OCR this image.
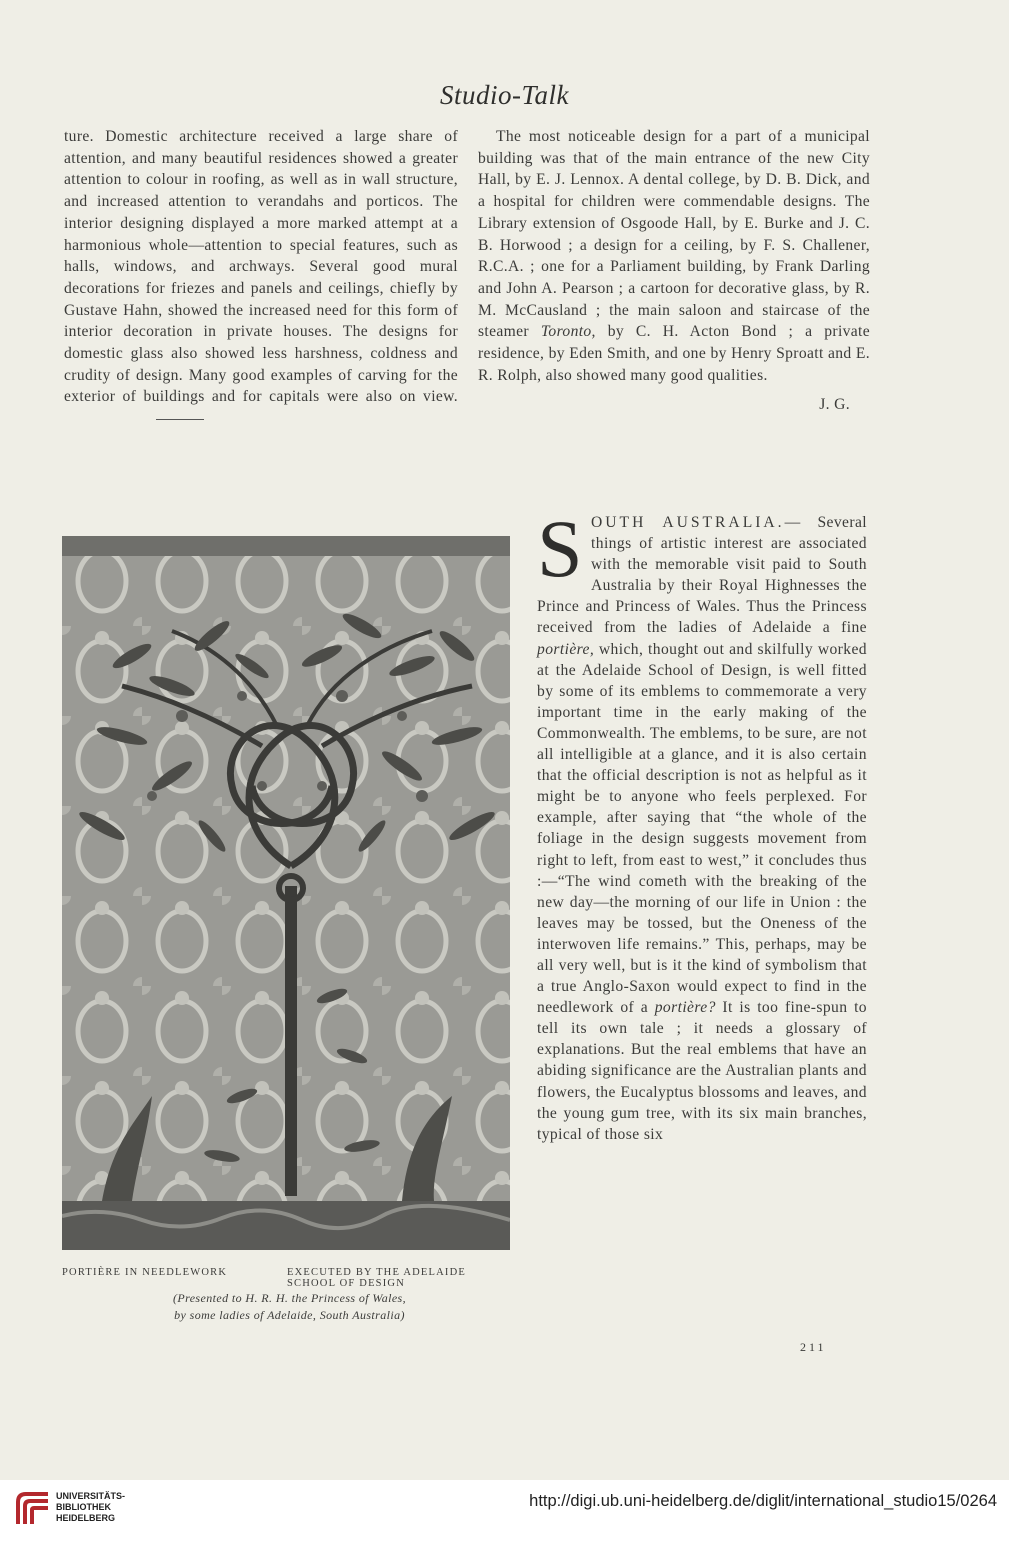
Studio-Talk

ture. Domestic architecture received a large share of attention, and many beautiful residences showed a greater attention to colour in roofing, as well as in wall structure, and increased attention to verandahs and porticos. The interior designing displayed a more marked attempt at a harmonious whole—attention to special features, such as halls, windows, and archways. Several good mural decorations for friezes and panels and ceilings, chiefly by Gustave Hahn, showed the increased need for this form of interior decoration in private houses. The designs for domestic glass also showed less harshness, coldness and crudity of design. Many good examples of carving for the exterior of buildings and for capitals were also on view.

The most noticeable design for a part of a municipal building was that of the main entrance of the new City Hall, by E. J. Lennox. A dental college, by D. B. Dick, and a hospital for children were commendable designs. The Library extension of Osgoode Hall, by E. Burke and J. C. B. Horwood ; a design for a ceiling, by F. S. Challener, R.C.A. ; one for a Parliament building, by Frank Darling and John A. Pearson ; a cartoon for decorative glass, by R. M. McCausland ; the main saloon and staircase of the steamer Toronto, by C. H. Acton Bond ; a private residence, by Eden Smith, and one by Henry Sproatt and E. R. Rolph, also showed many good qualities.

J. G.

PORTIÈRE IN NEEDLEWORK	EXECUTED BY THE ADELAIDE SCHOOL OF DESIGN
(Presented to H. R. H. the Princess of Wales,
by some ladies of Adelaide, South Australia)
S OUTH AUSTRALIA.— Several things of artistic interest are associated with the memorable visit paid to South Australia by their Royal Highnesses the Prince and Princess of Wales. Thus the Princess received from the ladies of Adelaide a fine portière, which, thought out and skilfully worked at the Adelaide School of Design, is well fitted by some of its emblems to commemorate a very important time in the early making of the Commonwealth. The emblems, to be sure, are not all intelligible at a glance, and it is also certain that the official description is not as helpful as it might be to anyone who feels perplexed. For example, after saying that “the whole of the foliage in the design suggests movement from right to left, from east to west,” it concludes thus :—“The wind cometh with the breaking of the new day—the morning of our life in Union : the leaves may be tossed, but the Oneness of the interwoven life remains.” This, perhaps, may be all very well, but is it the kind of symbolism that a true Anglo-Saxon would expect to find in the needlework of a portière? It is too fine-spun to tell its own tale ; it needs a glossary of explanations. But the real emblems that have an abiding significance are the Australian plants and flowers, the Eucalyptus blossoms and leaves, and the young gum tree, with its six main branches, typical of those six
211
UNIVERSITÄTS-
BIBLIOTHEK
HEIDELBERG
http://digi.ub.uni-heidelberg.de/diglit/international_studio15/0264
